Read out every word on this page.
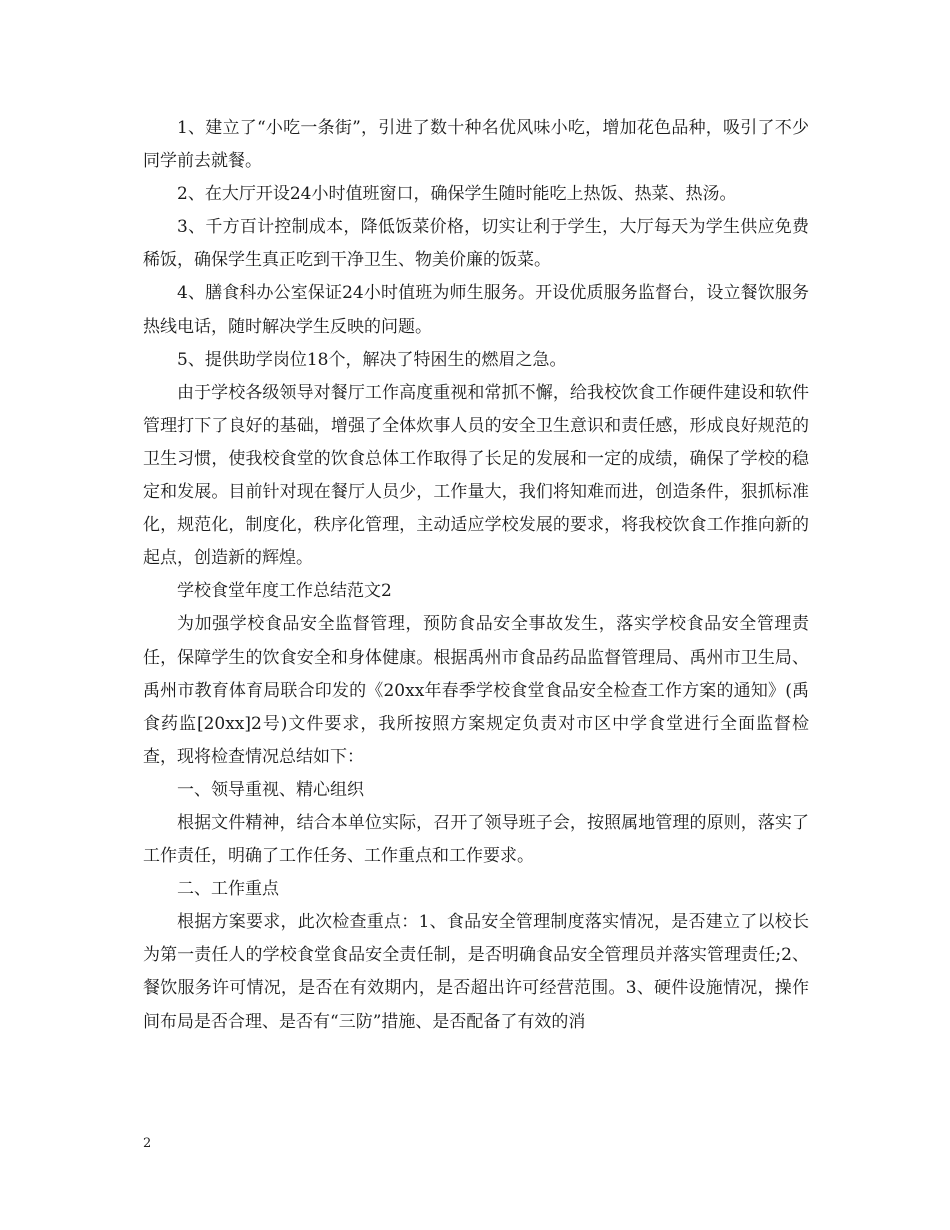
1、建立了“小吃一条街”，引进了数十种名优风味小吃，增加花色品种，吸引了不少同学前去就餐。

2、在大厅开设24小时值班窗口，确保学生随时能吃上热饭、热菜、热汤。

3、千方百计控制成本，降低饭菜价格，切实让利于学生，大厅每天为学生供应免费稀饭，确保学生真正吃到干净卫生、物美价廉的饭菜。

4、膳食科办公室保证24小时值班为师生服务。开设优质服务监督台，设立餐饮服务热线电话，随时解决学生反映的问题。

5、提供助学岗位18个，解决了特困生的燃眉之急。

由于学校各级领导对餐厅工作高度重视和常抓不懈，给我校饮食工作硬件建设和软件管理打下了良好的基础，增强了全体炊事人员的安全卫生意识和责任感，形成良好规范的卫生习惯，使我校食堂的饮食总体工作取得了长足的发展和一定的成绩，确保了学校的稳定和发展。目前针对现在餐厅人员少，工作量大，我们将知难而进，创造条件，狠抓标准化，规范化，制度化，秩序化管理，主动适应学校发展的要求，将我校饮食工作推向新的起点，创造新的辉煌。

学校食堂年度工作总结范文2

为加强学校食品安全监督管理，预防食品安全事故发生，落实学校食品安全管理责任，保障学生的饮食安全和身体健康。根据禹州市食品药品监督管理局、禹州市卫生局、禹州市教育体育局联合印发的《20xx年春季学校食堂食品安全检查工作方案的通知》(禹食药监[20xx]2号)文件要求，我所按照方案规定负责对市区中学食堂进行全面监督检查，现将检查情况总结如下：

一、领导重视、精心组织

根据文件精神，结合本单位实际，召开了领导班子会，按照属地管理的原则，落实了工作责任，明确了工作任务、工作重点和工作要求。

二、工作重点

根据方案要求，此次检查重点：1、食品安全管理制度落实情况，是否建立了以校长为第一责任人的学校食堂食品安全责任制，是否明确食品安全管理员并落实管理责任;2、餐饮服务许可情况，是否在有效期内，是否超出许可经营范围。3、硬件设施情况，操作间布局是否合理、是否有“三防”措施、是否配备了有效的消

2
